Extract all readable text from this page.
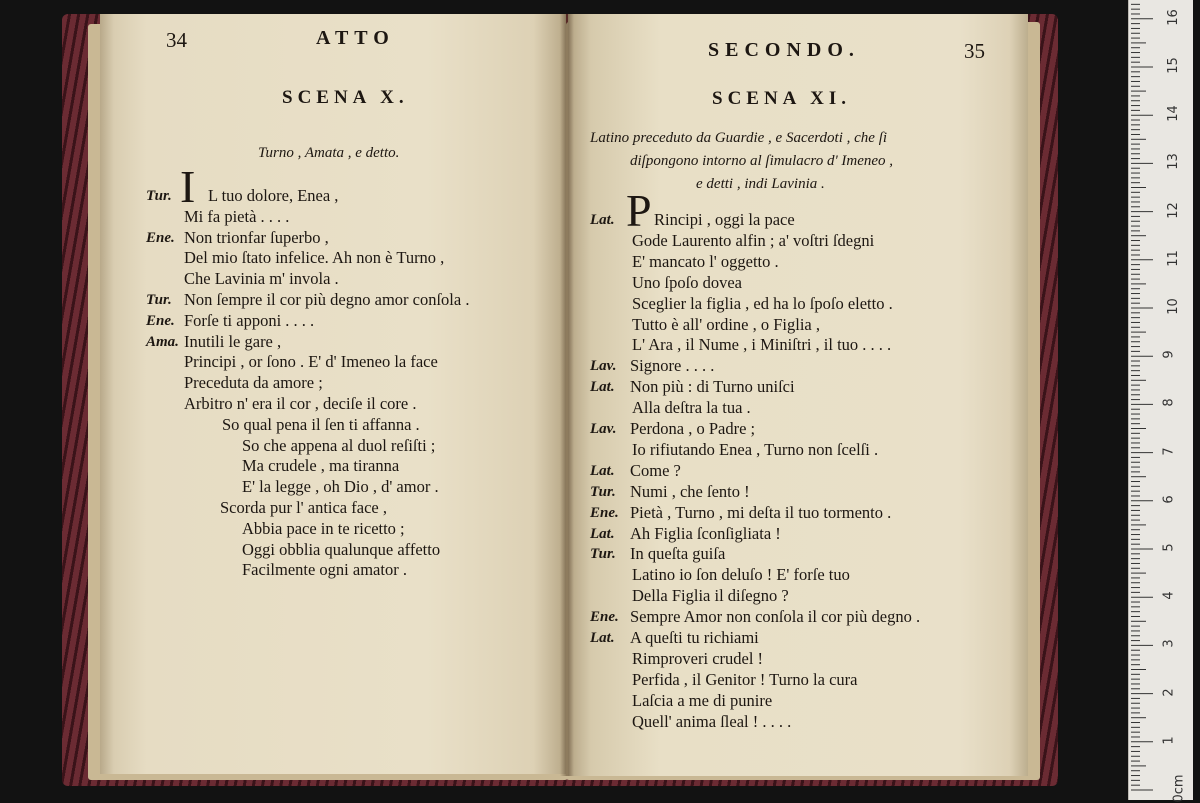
34	ATTO
SCENA X.
Turno , Amata , e detto.
Tur. I L tuo dolore, Enea ,
Mi fa pietà . . . .
Ene. Non trionfar ſuperbo ,
Del mio ſtato infelice. Ah non è Turno ,
Che Lavinia m' invola .
Tur. Non ſempre il cor più degno amor conſola .
Ene. Forſe ti apponi . . . .
Ama. Inutili le gare ,
Principi , or ſono . E' d' Imeneo la face
Preceduta da amore ;
Arbitro n' era il cor , deciſe il core .
So qual pena il ſen ti affanna .
So che appena al duol reſiſti ;
Ma crudele , ma tiranna
E' la legge , oh Dio , d' amor .
Scorda pur l' antica face ,
Abbia pace in te ricetto ;
Oggi obblia qualunque affetto
Facilmente ogni amator .
SECONDO.	35
SCENA XI.
Latino preceduto da Guardie , e Sacerdoti , che ſi
diſpongono intorno al ſimulacro d' Imeneo ,
e detti , indi Lavinia .
Lat. P Rincipi , oggi la pace
Gode Laurento alfin ; a' voſtri ſdegni
E' mancato l' oggetto .
Uno ſpoſo dovea
Sceglier la figlia , ed ha lo ſpoſo eletto .
Tutto è all' ordine , o Figlia ,
L' Ara , il Nume , i Miniſtri , il tuo . . . .
Lav. Signore . . . .
Lat. Non più : di Turno uniſci
Alla deſtra la tua .
Lav. Perdona , o Padre ;
Io rifiutando Enea , Turno non ſcelſi .
Lat. Come ?
Tur. Numi , che ſento !
Ene. Pietà , Turno , mi deſta il tuo tormento .
Lat. Ah Figlia ſconſigliata !
Tur. In queſta guiſa
Latino io ſon deluſo ! E' forſe tuo
Della Figlia il diſegno ?
Ene. Sempre Amor non conſola il cor più degno .
Lat. A queſti tu richiami
Rimproveri crudel !
Perfida , il Genitor ! Turno la cura
Laſcia a me di punire
Quell' anima ſleal ! . . . .
0cm
1
2
3
4
5
6
7
8
9
10
11
12
13
14
15
16
